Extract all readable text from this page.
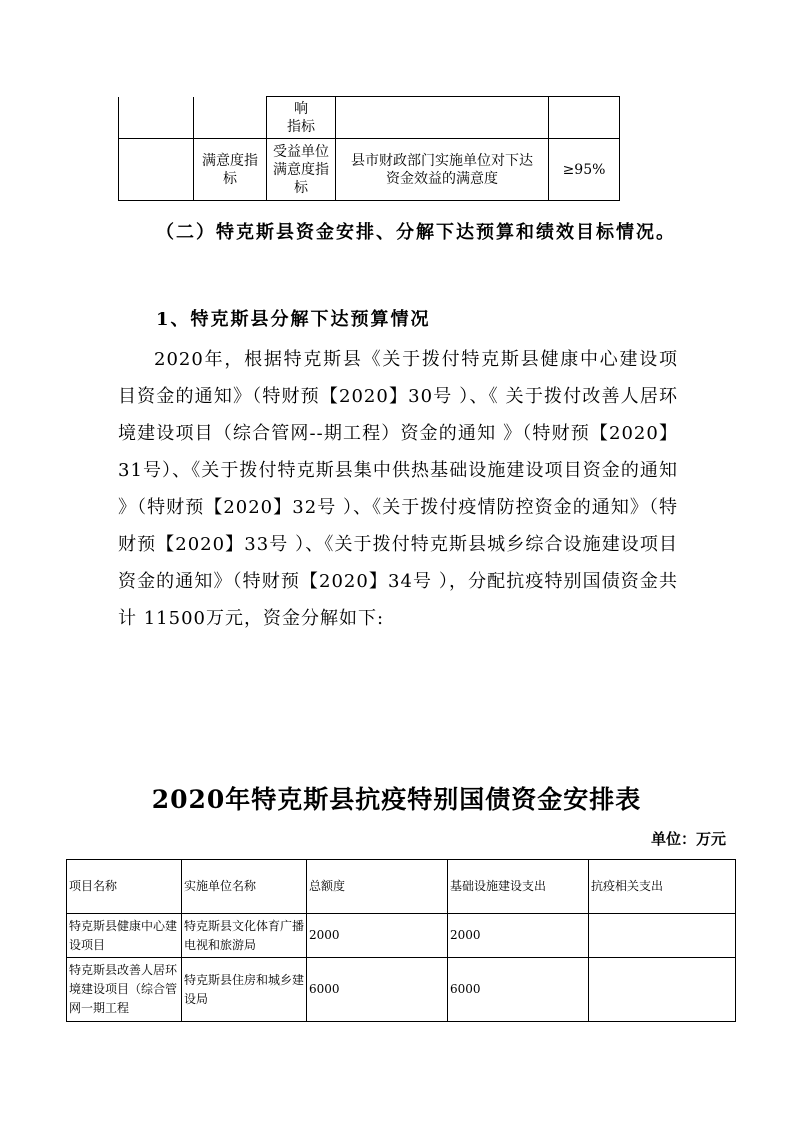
		响
指标		
	满意度指标	受益单位满意度指标	县市财政部门实施单位对下达资金效益的满意度	≥95%
（二）特克斯县资金安排、分解下达预算和绩效目标情况。
1、特克斯县分解下达预算情况

2020年，根据特克斯县《关于拨付特克斯县健康中心建设项目资金的通知》（特财预【2020】30号 ）、《 关于拨付改善人居环境建设项目（综合管网--期工程）资金的通知 》（特财预【2020】31号）、《关于拨付特克斯县集中供热基础设施建设项目资金的通知 》（特财预【2020】32号 ）、《关于拨付疫情防控资金的通知》（特财预【2020】33号 ）、《关于拨付特克斯县城乡综合设施建设项目资金的通知》（特财预【2020】34号 ），分配抗疫特别国债资金共计 11500万元，资金分解如下:

2020年特克斯县抗疫特别国债资金安排表
单位：万元
项目名称	实施单位名称	总额度	基础设施建设支出	抗疫相关支出
特克斯县健康中心建设项目	特克斯县文化体育广播电视和旅游局	2000	2000	
特克斯县改善人居环境建设项目（综合管网一期工程	特克斯县住房和城乡建设局	6000	6000	
